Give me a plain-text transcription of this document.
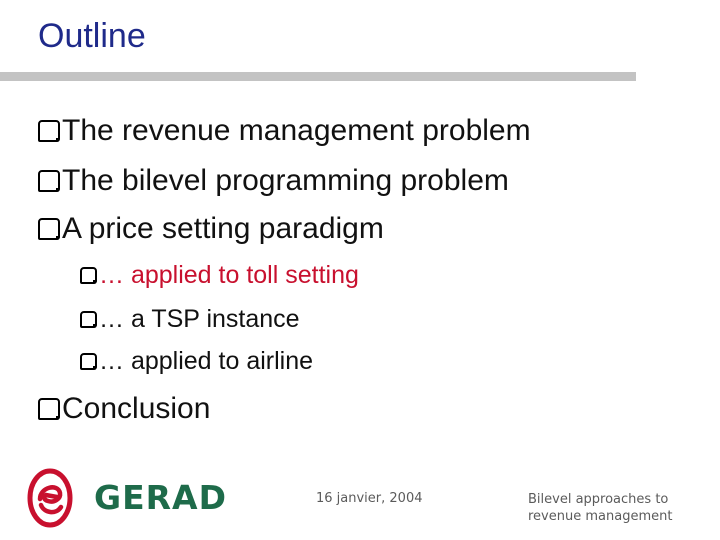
Outline
The revenue management problem
The bilevel programming problem
A price setting paradigm
… applied to toll setting
… a TSP instance
… applied to airline
Conclusion
GERAD	16 janvier, 2004	Bilevel approaches to
revenue management
